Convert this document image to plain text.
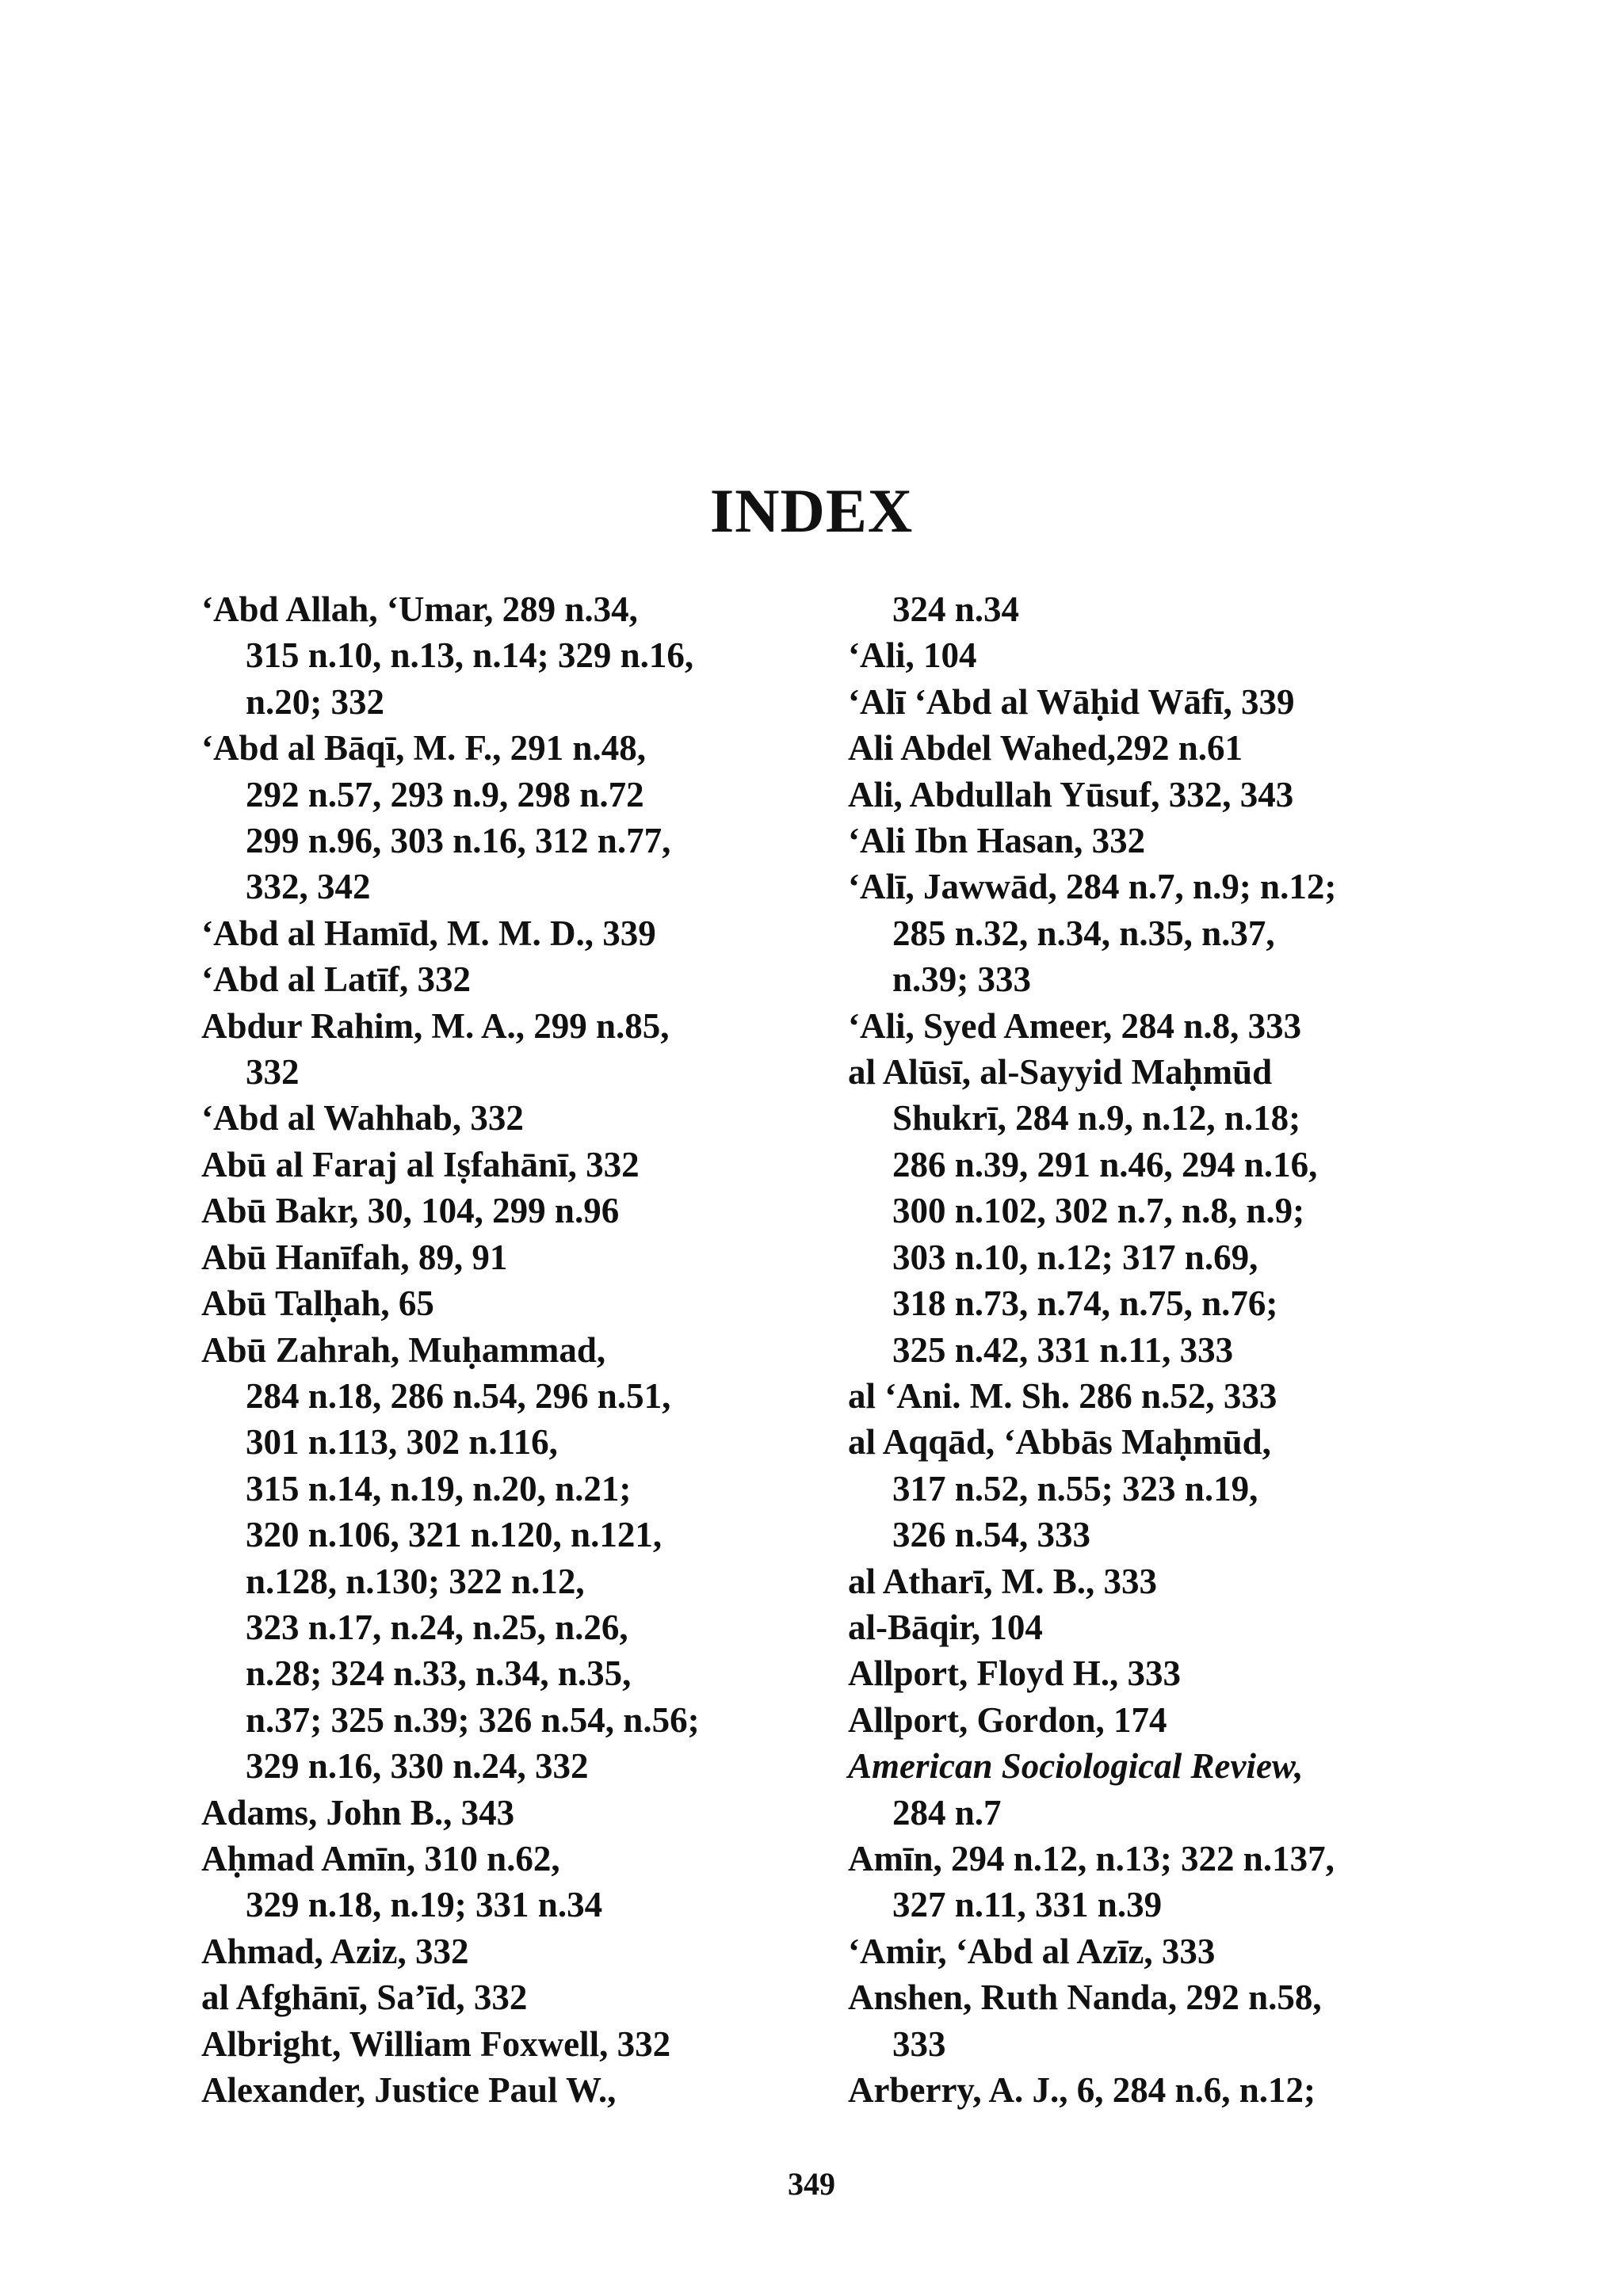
INDEX
‘Abd Allah, ‘Umar, 289 n.34,
315 n.10, n.13, n.14; 329 n.16,
n.20; 332
‘Abd al Bāqī, M. F., 291 n.48,
292 n.57, 293 n.9, 298 n.72
299 n.96, 303 n.16, 312 n.77,
332, 342
‘Abd al Hamīd, M. M. D., 339
‘Abd al Latīf, 332
Abdur Rahim, M. A., 299 n.85,
332
‘Abd al Wahhab, 332
Abū al Faraj al Iṣfahānī, 332
Abū Bakr, 30, 104, 299 n.96
Abū Hanīfah, 89, 91
Abū Talḥah, 65
Abū Zahrah, Muḥammad,
284 n.18, 286 n.54, 296 n.51,
301 n.113, 302 n.116,
315 n.14, n.19, n.20, n.21;
320 n.106, 321 n.120, n.121,
n.128, n.130; 322 n.12,
323 n.17, n.24, n.25, n.26,
n.28; 324 n.33, n.34, n.35,
n.37; 325 n.39; 326 n.54, n.56;
329 n.16, 330 n.24, 332
Adams, John B., 343
Aḥmad Amīn, 310 n.62,
329 n.18, n.19; 331 n.34
Ahmad, Aziz, 332
al Afghānī, Sa’īd, 332
Albright, William Foxwell, 332
Alexander, Justice Paul W.,
324 n.34
‘Ali, 104
‘Alī ‘Abd al Wāḥid Wāfī, 339
Ali Abdel Wahed,292 n.61
Ali, Abdullah Yūsuf, 332, 343
‘Ali Ibn Hasan, 332
‘Alī, Jawwād, 284 n.7, n.9; n.12;
285 n.32, n.34, n.35, n.37,
n.39; 333
‘Ali, Syed Ameer, 284 n.8, 333
al Alūsī, al-Sayyid Maḥmūd
Shukrī, 284 n.9, n.12, n.18;
286 n.39, 291 n.46, 294 n.16,
300 n.102, 302 n.7, n.8, n.9;
303 n.10, n.12; 317 n.69,
318 n.73, n.74, n.75, n.76;
325 n.42, 331 n.11, 333
al ‘Ani. M. Sh. 286 n.52, 333
al Aqqād, ‘Abbās Maḥmūd,
317 n.52, n.55; 323 n.19,
326 n.54, 333
al Atharī, M. B., 333
al-Bāqir, 104
Allport, Floyd H., 333
Allport, Gordon, 174
American Sociological Review,
284 n.7
Amīn, 294 n.12, n.13; 322 n.137,
327 n.11, 331 n.39
‘Amir, ‘Abd al Azīz, 333
Anshen, Ruth Nanda, 292 n.58,
333
Arberry, A. J., 6, 284 n.6, n.12;
349
